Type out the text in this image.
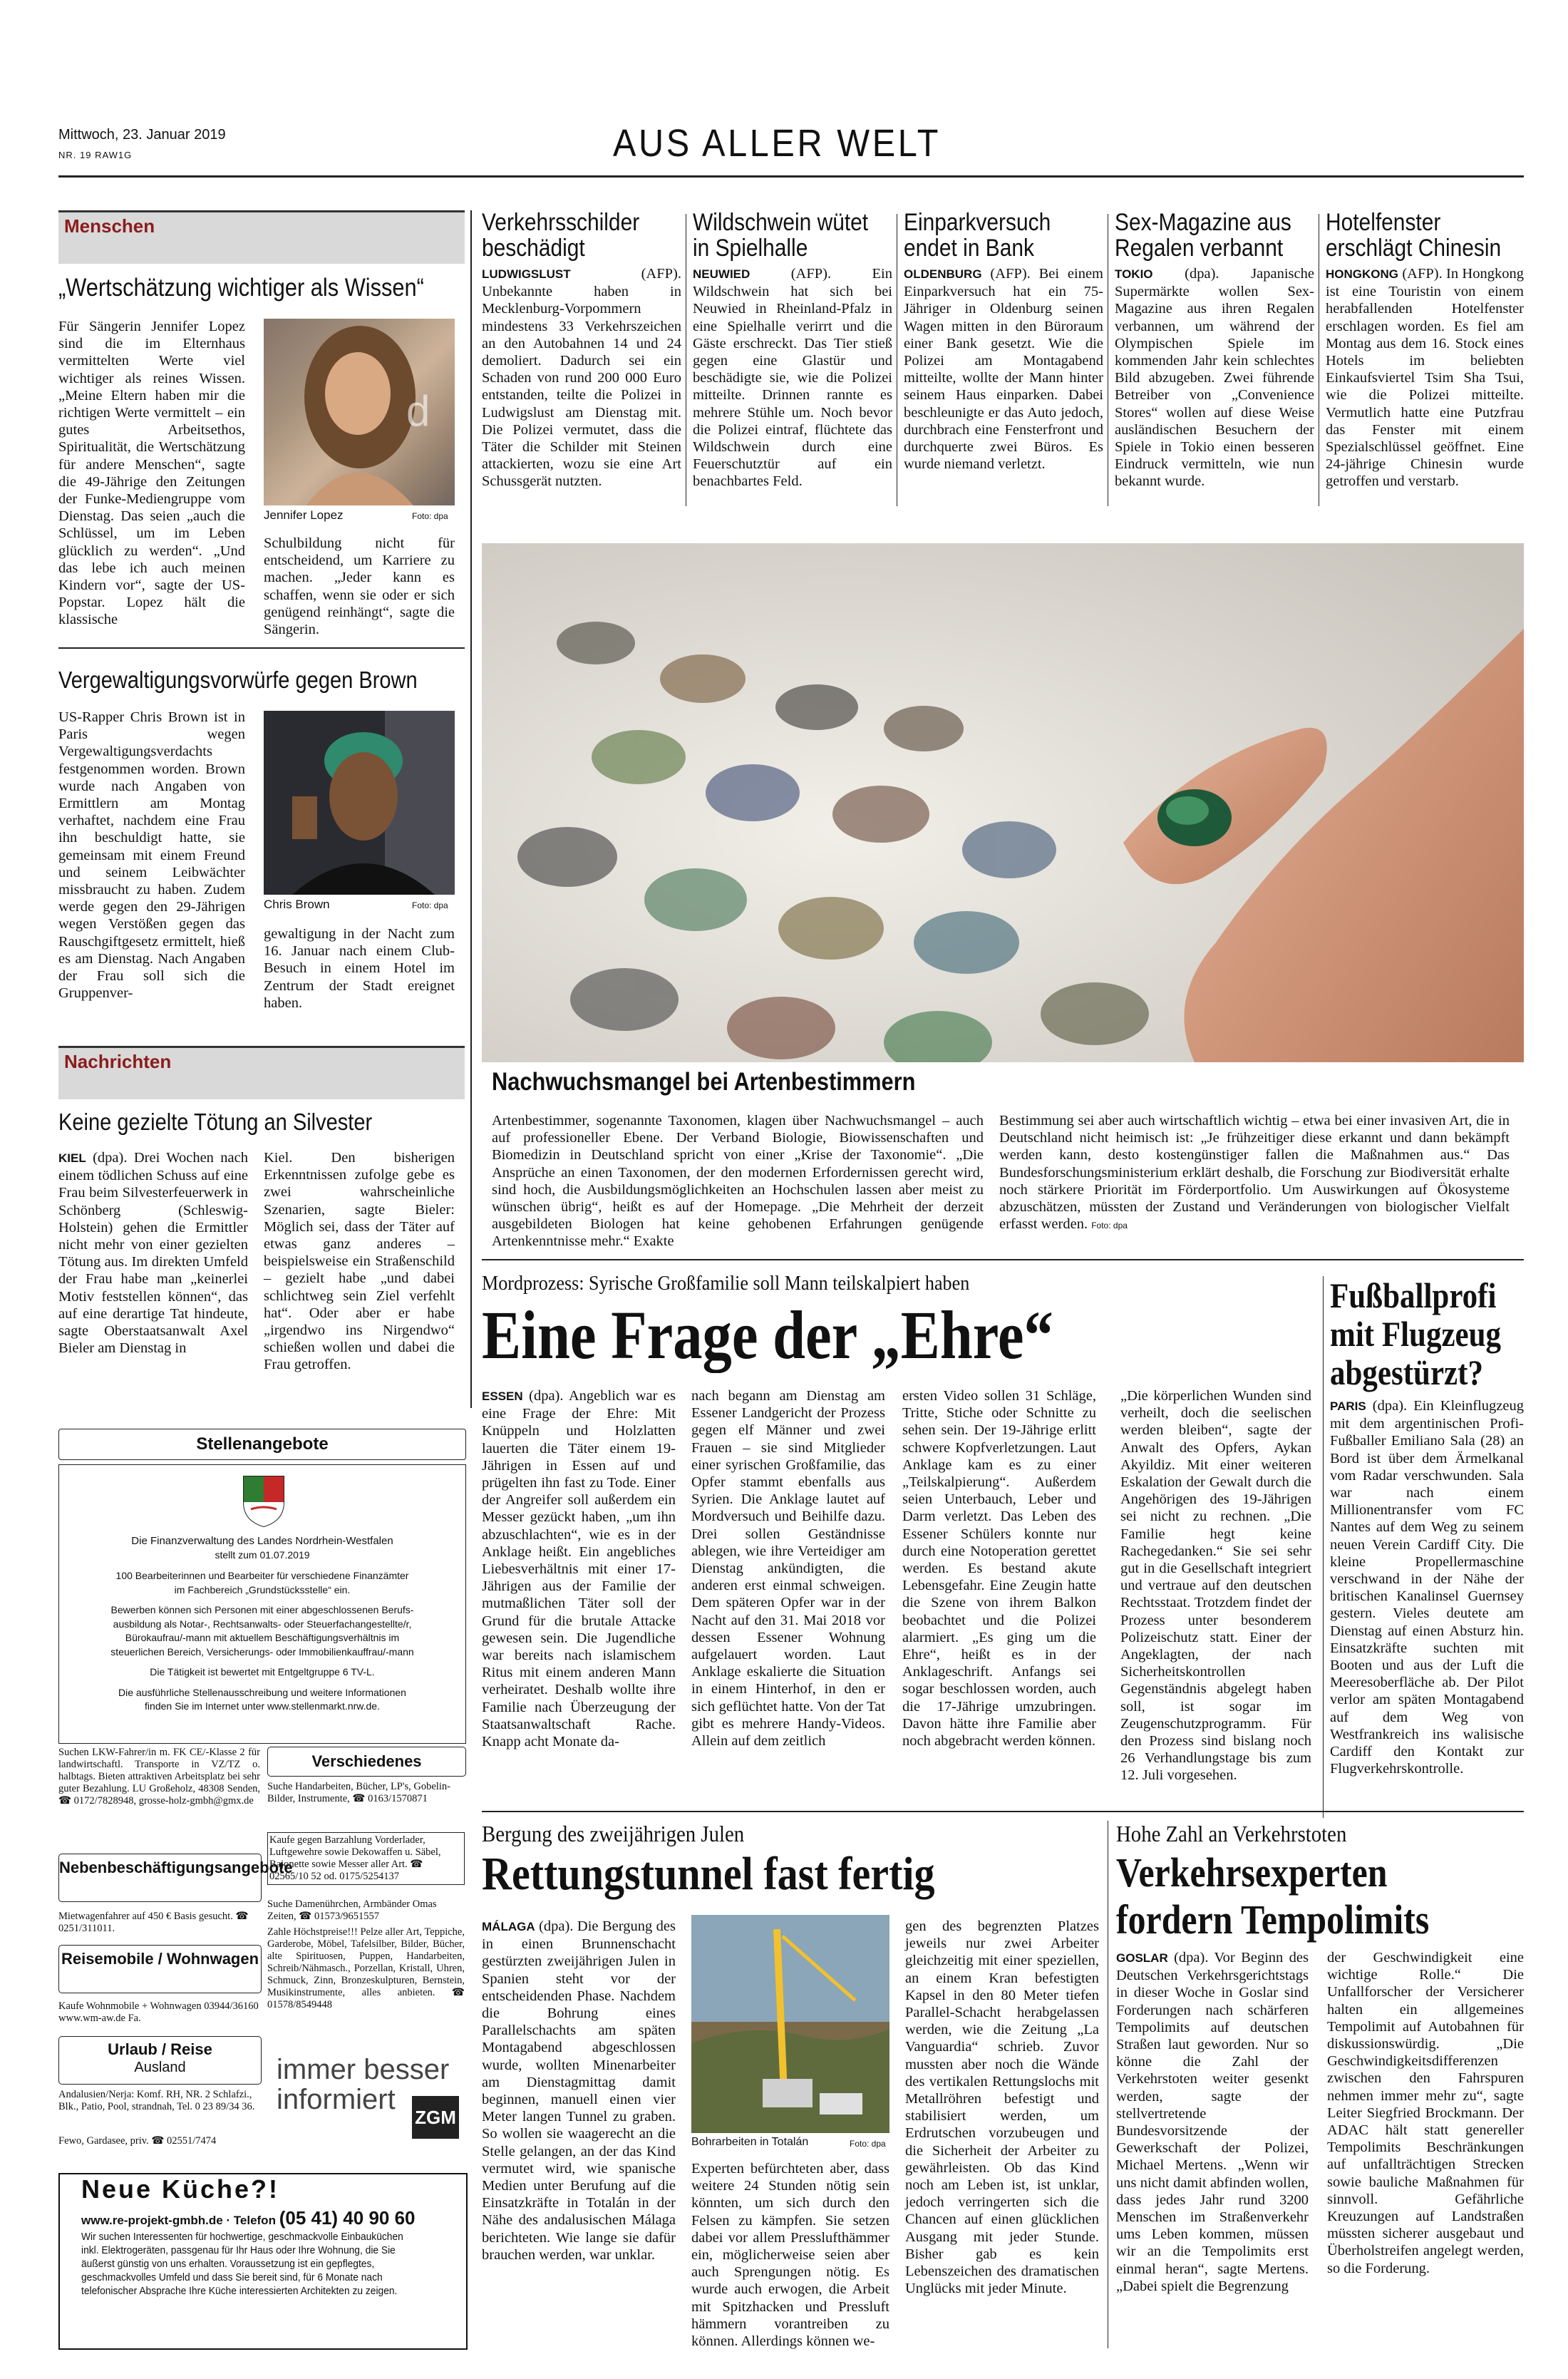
Mittwoch, 23. Januar 2019
NR. 19 RAW1G	AUS ALLER WELT
Menschen
„Wertschätzung wichtiger als Wissen“
d
Jennifer Lopez	Foto: dpa

Für Sängerin Jennifer Lopez sind die im Elternhaus vermittelten Werte viel wichtiger als reines Wissen. „Meine Eltern haben mir die richtigen Werte vermittelt – ein gutes Arbeitsethos, Spiritualität, die Wertschätzung für andere Menschen“, sagte die 49-Jährige den Zeitungen der Funke-Mediengruppe vom Dienstag. Das seien „auch die Schlüssel, um im Leben glücklich zu werden“. „Und das lebe ich auch meinen Kindern vor“, sagte der US-Popstar. Lopez hält die klassische

Schulbildung nicht für entscheidend, um Karriere zu machen. „Jeder kann es schaffen, wenn sie oder er sich genügend reinhängt“, sagte die Sängerin.

Vergewaltigungsvorwürfe gegen Brown
Chris Brown	Foto: dpa

US-Rapper Chris Brown ist in Paris wegen Vergewaltigungsverdachts festgenommen worden. Brown wurde nach Angaben von Ermittlern am Montag verhaftet, nachdem eine Frau ihn beschuldigt hatte, sie gemeinsam mit einem Freund und seinem Leibwächter missbraucht zu haben. Zudem werde gegen den 29-Jährigen wegen Verstößen gegen das Rauschgiftgesetz ermittelt, hieß es am Dienstag. Nach Angaben der Frau soll sich die Gruppenver-

gewaltigung in der Nacht zum 16. Januar nach einem Club-Besuch in einem Hotel im Zentrum der Stadt ereignet haben.

Nachrichten
Keine gezielte Tötung an Silvester

KIEL (dpa). Drei Wochen nach einem tödlichen Schuss auf eine Frau beim Silvesterfeuerwerk in Schönberg (Schleswig-Holstein) gehen die Ermittler nicht mehr von einer gezielten Tötung aus. Im direkten Umfeld der Frau habe man „keinerlei Motiv feststellen können“, das auf eine derartige Tat hindeute, sagte Oberstaatsanwalt Axel Bieler am Dienstag in

Kiel. Den bisherigen Erkenntnissen zufolge gebe es zwei wahrscheinliche Szenarien, sagte Bieler: Möglich sei, dass der Täter auf etwas ganz anderes – beispielsweise ein Straßenschild – gezielt habe „und dabei schlichtweg sein Ziel verfehlt hat“. Oder aber er habe „irgendwo ins Nirgendwo“ schießen wollen und dabei die Frau getroffen.

Stellenangebote
Die Finanzverwaltung des Landes Nordrhein-Westfalen
stellt zum 01.07.2019
100 Bearbeiterinnen und Bearbeiter für verschiedene Finanzämter
im Fachbereich „Grundstücksstelle“ ein.
Bewerben können sich Personen mit einer abgeschlossenen Berufs-
ausbildung als Notar-, Rechtsanwalts- oder Steuerfachangestellte/r,
Bürokaufrau/-mann mit aktuellem Beschäftigungsverhältnis im
steuerlichen Bereich, Versicherungs- oder Immobilienkauffrau/-mann
Die Tätigkeit ist bewertet mit Entgeltgruppe 6 TV-L.
Die ausführliche Stellenausschreibung und weitere Informationen
finden Sie im Internet unter www.stellenmarkt.nrw.de.
Suchen LKW-Fahrer/in m. FK CE/-Klasse 2 für landwirtschaftl. Transporte in VZ/TZ o. halbtags. Bieten attraktiven Arbeitsplatz bei sehr guter Bezahlung. LU Großeholz, 48308 Senden, ☎ 0172/7828948, grosse-holz-gmbh@gmx.de
Nebenbeschäftigungsangebote
Mietwagenfahrer auf 450 € Basis gesucht. ☎ 0251/311011.
Reisemobile / Wohnwagen
Kaufe Wohnmobile + Wohnwagen 03944/36160 www.wm-aw.de Fa.
Urlaub / Reise
Ausland
Andalusien/Nerja: Komf. RH, NR. 2 Schlafzi., Blk., Patio, Pool, strandnah, Tel. 0 23 89/34 36.
Fewo, Gardasee, priv. ☎ 02551/7474
Verschiedenes
Suche Handarbeiten, Bücher, LP's, Gobelin-Bilder, Instrumente, ☎ 0163/1570871
Kaufe gegen Barzahlung Vorderlader, Luftgewehre sowie Dekowaffen u. Säbel, Bajonette sowie Messer aller Art. ☎ 02565/10 52 od. 0175/5254137
Suche Damenührchen, Armbänder Omas Zeiten, ☎ 01573/9651557
Zahle Höchstpreise!!! Pelze aller Art, Teppiche, Garderobe, Möbel, Tafelsilber, Bilder, Bücher, alte Spirituosen, Puppen, Handarbeiten, Schreib/Nähmasch., Porzellan, Kristall, Uhren, Schmuck, Zinn, Bronzeskulpturen, Bernstein, Musikinstrumente, alles anbieten. ☎ 01578/8549448
immer besser
informiert
ZGM
Neue Küche?!
www.re-projekt-gmbh.de · Telefon (05 41) 40 90 60
Wir suchen Interessenten für hochwertige, geschmackvolle Einbauküchen inkl. Elektrogeräten, passgenau für Ihr Haus oder Ihre Wohnung, die Sie äußerst günstig von uns erhalten. Voraussetzung ist ein gepflegtes, geschmackvolles Umfeld und dass Sie bereit sind, für 6 Monate nach telefonischer Absprache Ihre Küche interessierten Architekten zu zeigen.
Verkehrsschilder
beschädigt
LUDWIGSLUST	(AFP). Unbekannte haben in Mecklenburg-Vorpommern mindestens 33 Verkehrszeichen an den Autobahnen 14 und 24 demoliert. Dadurch sei ein Schaden von rund 200 000 Euro entstanden, teilte die Polizei in Ludwigslust am Dienstag mit. Die Polizei vermutet, dass die Täter die Schilder mit Steinen attackierten, wozu sie eine Art Schussgerät nutzten.
Wildschwein wütet
in Spielhalle
NEUWIED	(AFP). Ein Wildschwein hat sich bei Neuwied in Rheinland-Pfalz in eine Spielhalle verirrt und die Gäste erschreckt. Das Tier stieß gegen eine Glastür und beschädigte sie, wie die Polizei mitteilte. Drinnen rannte es mehrere Stühle um. Noch bevor die Polizei eintraf, flüchtete das Wildschwein durch eine Feuerschutztür auf ein benachbartes Feld.
Einparkversuch
endet in Bank
OLDENBURG (AFP). Bei einem Einparkversuch hat ein 75-Jähriger in Oldenburg seinen Wagen mitten in den Büroraum einer Bank gesetzt. Wie die Polizei am Montagabend mitteilte, wollte der Mann hinter seinem Haus einparken. Dabei beschleunigte er das Auto jedoch, durchbrach eine Fensterfront und durchquerte zwei Büros. Es wurde niemand verletzt.
Sex-Magazine aus
Regalen verbannt
TOKIO (dpa). Japanische Supermärkte wollen Sex-Magazine aus ihren Regalen verbannen, um während der Olympischen Spiele im kommenden Jahr kein schlechtes Bild abzugeben. Zwei führende Betreiber von „Convenience Stores“ wollen auf diese Weise ausländischen Besuchern der Spiele in Tokio einen besseren Eindruck vermitteln, wie nun bekannt wurde.
Hotelfenster
erschlägt Chinesin
HONGKONG (AFP). In Hongkong ist eine Touristin von einem herabfallenden Hotelfenster erschlagen worden. Es fiel am Montag aus dem 16. Stock eines Hotels im beliebten Einkaufsviertel Tsim Sha Tsui, wie die Polizei mitteilte. Vermutlich hatte eine Putzfrau das Fenster mit einem Spezialschlüssel geöffnet. Eine 24-jährige Chinesin wurde getroffen und verstarb.
Nachwuchsmangel bei Artenbestimmern

Artenbestimmer, sogenannte Taxonomen, klagen über Nachwuchsmangel – auch auf professioneller Ebene. Der Verband Biologie, Biowissenschaften und Biomedizin in Deutschland spricht von einer „Krise der Taxonomie“. „Die Ansprüche an einen Taxonomen, der den modernen Erfordernissen gerecht wird, sind hoch, die Ausbildungsmöglichkeiten an Hochschulen lassen aber meist zu wünschen übrig“, heißt es auf der Homepage. „Die Mehrheit der derzeit ausgebildeten Biologen hat keine gehobenen Erfahrungen genügende Artenkenntnisse mehr.“ Exakte

Bestimmung sei aber auch wirtschaftlich wichtig – etwa bei einer invasiven Art, die in Deutschland nicht heimisch ist: „Je frühzeitiger diese erkannt und dann bekämpft werden kann, desto kostengünstiger fallen die Maßnahmen aus.“ Das Bundesforschungsministerium erklärt deshalb, die Forschung zur Biodiversität erhalte noch stärkere Priorität im Förderportfolio. Um Auswirkungen auf Ökosysteme abzuschätzen, müssten der Zustand und Veränderungen von biologischer Vielfalt erfasst werden. Foto: dpa

Mordprozess: Syrische Großfamilie soll Mann teilskalpiert haben
Eine Frage der „Ehre“

ESSEN (dpa). Angeblich war es eine Frage der Ehre: Mit Knüppeln und Holzlatten lauerten die Täter einem 19-Jährigen in Essen auf und prügelten ihn fast zu Tode. Einer der Angreifer soll außerdem ein Messer gezückt haben, „um ihn abzuschlachten“, wie es in der Anklage heißt. Ein angebliches Liebesverhältnis mit einer 17-Jährigen aus der Familie der mutmaßlichen Täter soll der Grund für die brutale Attacke gewesen sein. Die Jugendliche war bereits nach islamischem Ritus mit einem anderen Mann verheiratet. Deshalb wollte ihre Familie nach Überzeugung der Staatsanwaltschaft Rache. Knapp acht Monate da-

nach begann am Dienstag am Essener Landgericht der Prozess gegen elf Männer und zwei Frauen – sie sind Mitglieder einer syrischen Großfamilie, das Opfer stammt ebenfalls aus Syrien. Die Anklage lautet auf Mordversuch und Beihilfe dazu. Drei sollen Geständnisse ablegen, wie ihre Verteidiger am Dienstag ankündigten, die anderen erst einmal schweigen. Dem späteren Opfer war in der Nacht auf den 31. Mai 2018 vor dessen Essener Wohnung aufgelauert worden. Laut Anklage eskalierte die Situation in einem Hinterhof, in den er sich geflüchtet hatte. Von der Tat gibt es mehrere Handy-Videos. Allein auf dem zeitlich

ersten Video sollen 31 Schläge, Tritte, Stiche oder Schnitte zu sehen sein. Der 19-Jährige erlitt schwere Kopfverletzungen. Laut Anklage kam es zu einer „Teilskalpierung“. Außerdem seien Unterbauch, Leber und Darm verletzt. Das Leben des Essener Schülers konnte nur durch eine Notoperation gerettet werden. Es bestand akute Lebensgefahr. Eine Zeugin hatte die Szene von ihrem Balkon beobachtet und die Polizei alarmiert. „Es ging um die Ehre“, heißt es in der Anklageschrift. Anfangs sei sogar beschlossen worden, auch die 17-Jährige umzubringen. Davon hätte ihre Familie aber noch abgebracht werden können.

„Die körperlichen Wunden sind verheilt, doch die seelischen werden bleiben“, sagte der Anwalt des Opfers, Aykan Akyildiz. Mit einer weiteren Eskalation der Gewalt durch die Angehörigen des 19-Jährigen sei nicht zu rechnen. „Die Familie hegt keine Rachegedanken.“ Sie sei sehr gut in die Gesellschaft integriert und vertraue auf den deutschen Rechtsstaat. Trotzdem findet der Prozess unter besonderem Polizeischutz statt. Einer der Angeklagten, der nach Sicherheitskontrollen Gegenständnis abgelegt haben soll, ist sogar im Zeugenschutzprogramm. Für den Prozess sind bislang noch 26 Verhandlungstage bis zum 12. Juli vorgesehen.

Fußballprofi
mit Flugzeug
abgestürzt?

PARIS (dpa). Ein Kleinflugzeug mit dem argentinischen Profi-Fußballer Emiliano Sala (28) an Bord ist über dem Ärmelkanal vom Radar verschwunden. Sala war nach einem Millionentransfer vom FC Nantes auf dem Weg zu seinem neuen Verein Cardiff City. Die kleine Propellermaschine verschwand in der Nähe der britischen Kanalinsel Guernsey gestern. Vieles deutete am Dienstag auf einen Absturz hin. Einsatzkräfte suchten mit Booten und aus der Luft die Meeresoberfläche ab. Der Pilot verlor am späten Montagabend auf dem Weg von Westfrankreich ins walisische Cardiff den Kontakt zur Flugverkehrskontrolle.

Bergung des zweijährigen Julen
Rettungstunnel fast fertig

MÁLAGA (dpa). Die Bergung des in einen Brunnenschacht gestürzten zweijährigen Julen in Spanien steht vor der entscheidenden Phase. Nachdem die Bohrung eines Parallelschachts am späten Montagabend abgeschlossen wurde, wollten Minenarbeiter am Dienstagmittag damit beginnen, manuell einen vier Meter langen Tunnel zu graben. So wollen sie waagerecht an die Stelle gelangen, an der das Kind vermutet wird, wie spanische Medien unter Berufung auf die Einsatzkräfte in Totalán in der Nähe des andalusischen Málaga berichteten. Wie lange sie dafür brauchen werden, war unklar.

Bohrarbeiten in Totalán	Foto: dpa

Experten befürchteten aber, dass weitere 24 Stunden nötig sein könnten, um sich durch den Felsen zu kämpfen. Sie setzen dabei vor allem Presslufthämmer ein, möglicherweise seien aber auch Sprengungen nötig. Es wurde auch erwogen, die Arbeit mit Spitzhacken und Pressluft hämmern vorantreiben zu können. Allerdings können we-

gen des begrenzten Platzes jeweils nur zwei Arbeiter gleichzeitig mit einer speziellen, an einem Kran befestigten Kapsel in den 80 Meter tiefen Parallel-Schacht herabgelassen werden, wie die Zeitung „La Vanguardia“ schrieb. Zuvor mussten aber noch die Wände des vertikalen Rettungslochs mit Metallröhren befestigt und stabilisiert werden, um Erdrutschen vorzubeugen und die Sicherheit der Arbeiter zu gewährleisten. Ob das Kind noch am Leben ist, ist unklar, jedoch verringerten sich die Chancen auf einen glücklichen Ausgang mit jeder Stunde. Bisher gab es kein Lebenszeichen des dramatischen Unglücks mit jeder Minute.

Hohe Zahl an Verkehrstoten
Verkehrsexperten
fordern Tempolimits

GOSLAR (dpa). Vor Beginn des Deutschen Verkehrsgerichtstags in dieser Woche in Goslar sind Forderungen nach schärferen Tempolimits auf deutschen Straßen laut geworden. Nur so könne die Zahl der Verkehrstoten weiter gesenkt werden, sagte der stellvertretende Bundesvorsitzende der Gewerkschaft der Polizei, Michael Mertens. „Wenn wir uns nicht damit abfinden wollen, dass jedes Jahr rund 3200 Menschen im Straßenverkehr ums Leben kommen, müssen wir an die Tempolimits erst einmal heran“, sagte Mertens. „Dabei spielt die Begrenzung

der Geschwindigkeit eine wichtige Rolle.“ Die Unfallforscher der Versicherer halten ein allgemeines Tempolimit auf Autobahnen für diskussionswürdig. „Die Geschwindigkeitsdifferenzen zwischen den Fahrspuren nehmen immer mehr zu“, sagte Leiter Siegfried Brockmann. Der ADAC hält statt genereller Tempolimits Beschränkungen auf unfallträchtigen Strecken sowie bauliche Maßnahmen für sinnvoll. Gefährliche Kreuzungen auf Landstraßen müssten sicherer ausgebaut und Überholstreifen angelegt werden, so die Forderung.
